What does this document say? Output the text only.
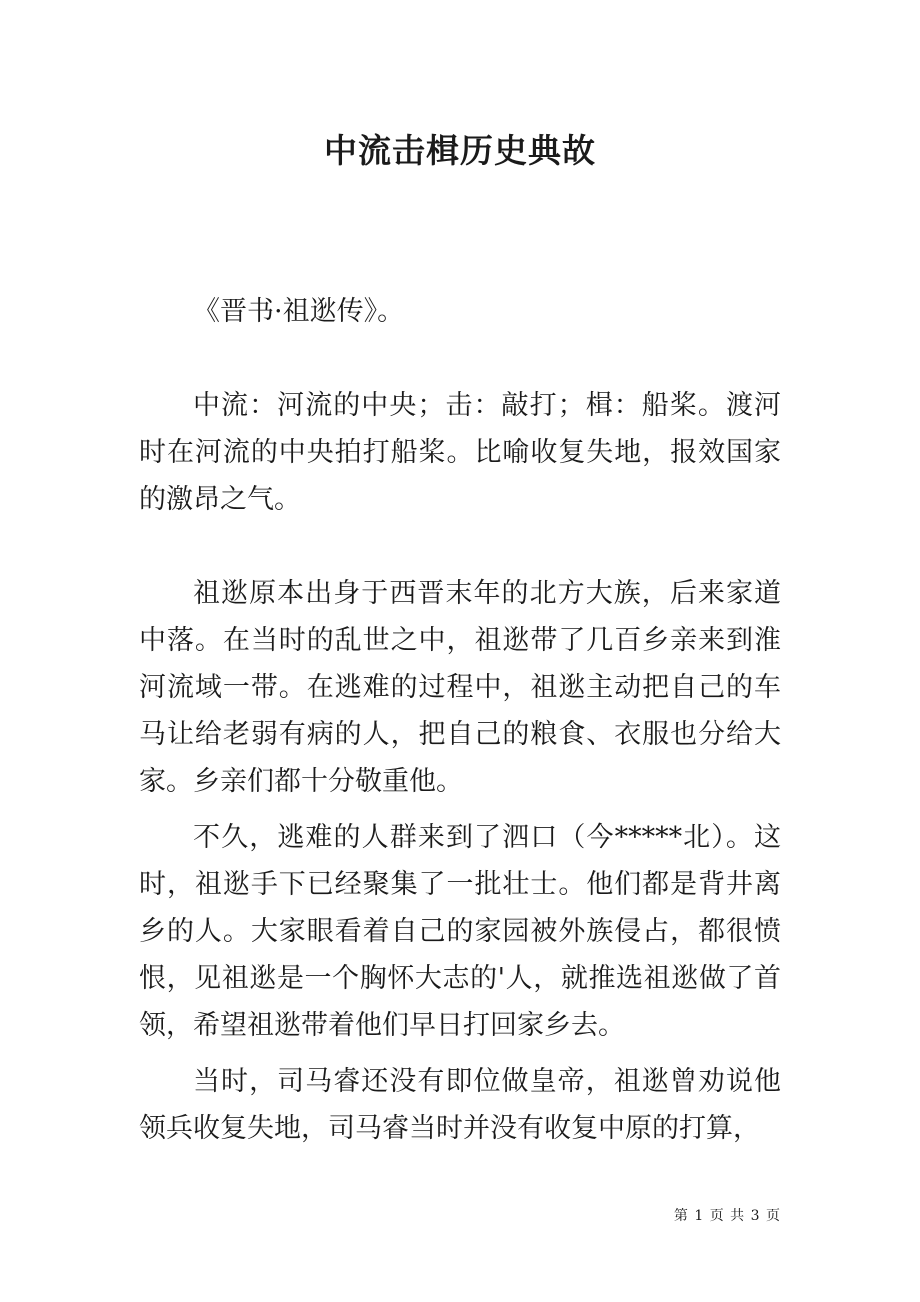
中流击楫历史典故

《晋书·祖逖传》。

中流：河流的中央；击：敲打；楫：船桨。渡河时在河流的中央拍打船桨。比喻收复失地，报效国家的激昂之气。

祖逖原本出身于西晋末年的北方大族，后来家道中落。在当时的乱世之中，祖逖带了几百乡亲来到淮河流域一带。在逃难的过程中，祖逖主动把自己的车马让给老弱有病的人，把自己的粮食、衣服也分给大家。乡亲们都十分敬重他。

不久，逃难的人群来到了泗口（今*****北）。这时，祖逖手下已经聚集了一批壮士。他们都是背井离乡的人。大家眼看着自己的家园被外族侵占，都很愤恨，见祖逖是一个胸怀大志的'人，就推选祖逖做了首领，希望祖逖带着他们早日打回家乡去。

当时，司马睿还没有即位做皇帝，祖逖曾劝说他领兵收复失地，司马睿当时并没有收复中原的打算，

第 1 页 共 3 页
